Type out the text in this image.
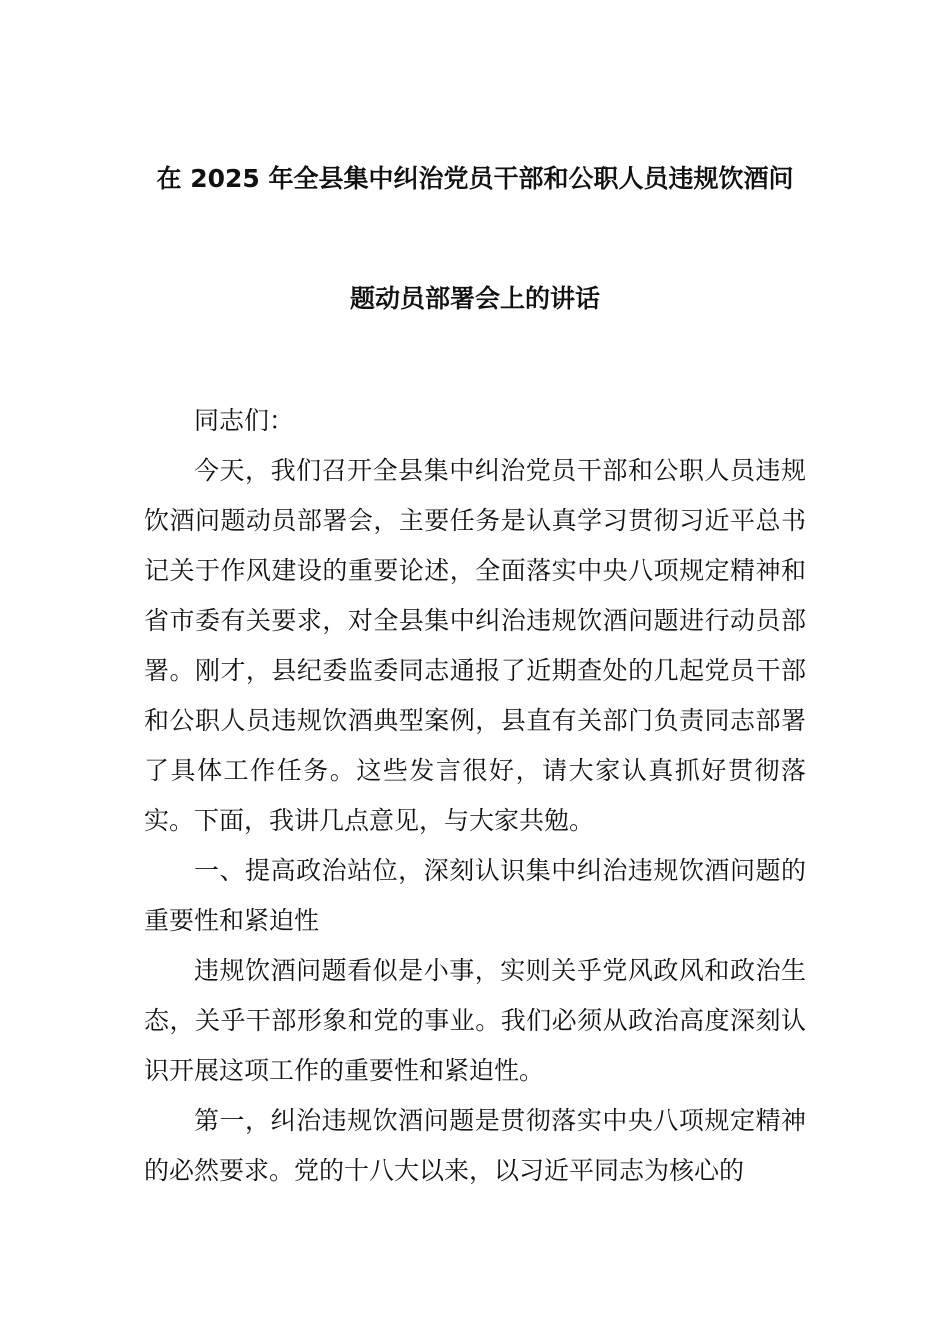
在 2025 年全县集中纠治党员干部和公职人员违规饮酒问
题动员部署会上的讲话

同志们：

今天，我们召开全县集中纠治党员干部和公职人员违规饮酒问题动员部署会，主要任务是认真学习贯彻习近平总书记关于作风建设的重要论述，全面落实中央八项规定精神和省市委有关要求，对全县集中纠治违规饮酒问题进行动员部署。刚才，县纪委监委同志通报了近期查处的几起党员干部和公职人员违规饮酒典型案例，县直有关部门负责同志部署了具体工作任务。这些发言很好，请大家认真抓好贯彻落实。下面，我讲几点意见，与大家共勉。

一、提高政治站位，深刻认识集中纠治违规饮酒问题的重要性和紧迫性

违规饮酒问题看似是小事，实则关乎党风政风和政治生态，关乎干部形象和党的事业。我们必须从政治高度深刻认识开展这项工作的重要性和紧迫性。

第一，纠治违规饮酒问题是贯彻落实中央八项规定精神的必然要求。党的十八大以来，以习近平同志为核心的
